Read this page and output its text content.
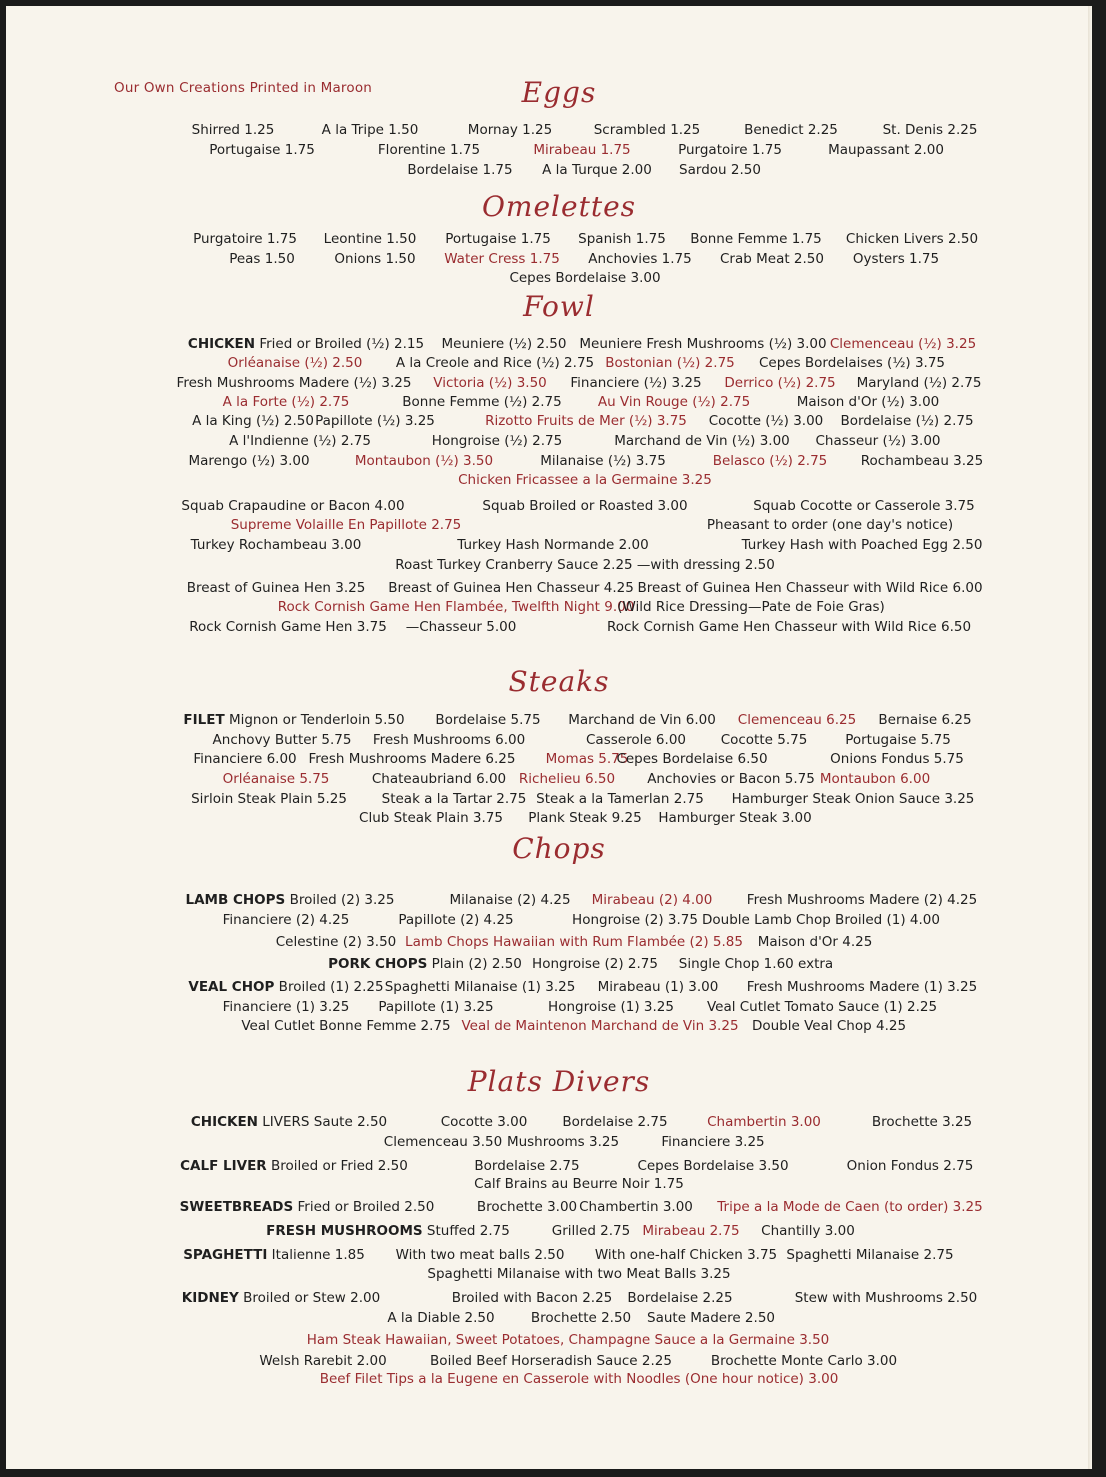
Our Own Creations Printed in Maroon	Eggs
Shirred 1.25	A la Tripe 1.50	Mornay 1.25	Scrambled 1.25	Benedict 2.25	St. Denis 2.25
Portugaise 1.75	Florentine 1.75	Mirabeau 1.75	Purgatoire 1.75	Maupassant 2.00
Bordelaise 1.75 A la Turque 2.00 Sardou 2.50
Omelettes
Purgatoire 1.75 Leontine 1.50 Portugaise 1.75 Spanish 1.75 Bonne Femme 1.75 Chicken Livers 2.50
Peas 1.50	Onions 1.50 Water Cress 1.75 Anchovies 1.75 Crab Meat 2.50 Oysters 1.75
Cepes Bordelaise 3.00
Fowl
CHICKEN Fried or Broiled (½) 2.15 Meuniere (½) 2.50 Meuniere Fresh Mushrooms (½) 3.00 Clemenceau (½) 3.25
Orléanaise (½) 2.50 A la Creole and Rice (½) 2.75 Bostonian (½) 2.75 Cepes Bordelaises (½) 3.75
Fresh Mushrooms Madere (½) 3.25 Victoria (½) 3.50 Financiere (½) 3.25 Derrico (½) 2.75 Maryland (½) 2.75
A la Forte (½) 2.75	Bonne Femme (½) 2.75	Au Vin Rouge (½) 2.75	Maison d'Or (½) 3.00
A la King (½) 2.50 Papillote (½) 3.25	Rizotto Fruits de Mer (½) 3.75 Cocotte (½) 3.00 Bordelaise (½) 2.75
A l'Indienne (½) 2.75	Hongroise (½) 2.75	Marchand de Vin (½) 3.00 Chasseur (½) 3.00
Marengo (½) 3.00	Montaubon (½) 3.50	Milanaise (½) 3.75	Belasco (½) 2.75 Rochambeau 3.25
Chicken Fricassee a la Germaine 3.25
Squab Crapaudine or Bacon 4.00	Squab Broiled or Roasted 3.00	Squab Cocotte or Casserole 3.75
Supreme Volaille En Papillote 2.75	Pheasant to order (one day's notice)
Turkey Rochambeau 3.00	Turkey Hash Normande 2.00	Turkey Hash with Poached Egg 2.50
Roast Turkey Cranberry Sauce 2.25 —with dressing 2.50
Breast of Guinea Hen 3.25 Breast of Guinea Hen Chasseur 4.25 Breast of Guinea Hen Chasseur with Wild Rice 6.00
Rock Cornish Game Hen Flambée, Twelfth Night 9.00
(Wild Rice Dressing—Pate de Foie Gras)
Rock Cornish Game Hen 3.75 —Chasseur 5.00	Rock Cornish Game Hen Chasseur with Wild Rice 6.50
Steaks
FILET Mignon or Tenderloin 5.50 Bordelaise 5.75 Marchand de Vin 6.00 Clemenceau 6.25 Bernaise 6.25
Anchovy Butter 5.75 Fresh Mushrooms 6.00	Casserole 6.00	Cocotte 5.75	Portugaise 5.75
Financiere 6.00 Fresh Mushrooms Madere 6.25 Momas 5.75
Cepes Bordelaise 6.50	Onions Fondus 5.75
Orléanaise 5.75	Chateaubriand 6.00 Richelieu 6.50 Anchovies or Bacon 5.75 Montaubon 6.00
Sirloin Steak Plain 5.25	Steak a la Tartar 2.75 Steak a la Tamerlan 2.75 Hamburger Steak Onion Sauce 3.25
Club Steak Plain 3.75 Plank Steak 9.25 Hamburger Steak 3.00
Chops
LAMB CHOPS Broiled (2) 3.25	Milanaise (2) 4.25 Mirabeau (2) 4.00	Fresh Mushrooms Madere (2) 4.25
Financiere (2) 4.25	Papillote (2) 4.25	Hongroise (2) 3.75 Double Lamb Chop Broiled (1) 4.00
Celestine (2) 3.50 Lamb Chops Hawaiian with Rum Flambée (2) 5.85 Maison d'Or 4.25
PORK CHOPS Plain (2) 2.50 Hongroise (2) 2.75 Single Chop 1.60 extra
VEAL CHOP Broiled (1) 2.25 Spaghetti Milanaise (1) 3.25 Mirabeau (1) 3.00 Fresh Mushrooms Madere (1) 3.25
Financiere (1) 3.25 Papillote (1) 3.25	Hongroise (1) 3.25 Veal Cutlet Tomato Sauce (1) 2.25
Veal Cutlet Bonne Femme 2.75 Veal de Maintenon Marchand de Vin 3.25 Double Veal Chop 4.25
Plats Divers
CHICKEN LIVERS Saute 2.50	Cocotte 3.00	Bordelaise 2.75	Chambertin 3.00	Brochette 3.25
Clemenceau 3.50 Mushrooms 3.25	Financiere 3.25
CALF LIVER Broiled or Fried 2.50	Bordelaise 2.75	Cepes Bordelaise 3.50	Onion Fondus 2.75
Calf Brains au Beurre Noir 1.75
SWEETBREADS Fried or Broiled 2.50	Brochette 3.00 Chambertin 3.00 Tripe a la Mode de Caen (to order) 3.25
FRESH MUSHROOMS Stuffed 2.75	Grilled 2.75 Mirabeau 2.75 Chantilly 3.00
SPAGHETTI Italienne 1.85 With two meat balls 2.50 With one-half Chicken 3.75 Spaghetti Milanaise 2.75
Spaghetti Milanaise with two Meat Balls 3.25
KIDNEY Broiled or Stew 2.00	Broiled with Bacon 2.25 Bordelaise 2.25	Stew with Mushrooms 2.50
A la Diable 2.50	Brochette 2.50 Saute Madere 2.50
Ham Steak Hawaiian, Sweet Potatoes, Champagne Sauce a la Germaine 3.50
Welsh Rarebit 2.00	Boiled Beef Horseradish Sauce 2.25	Brochette Monte Carlo 3.00
Beef Filet Tips a la Eugene en Casserole with Noodles (One hour notice) 3.00
